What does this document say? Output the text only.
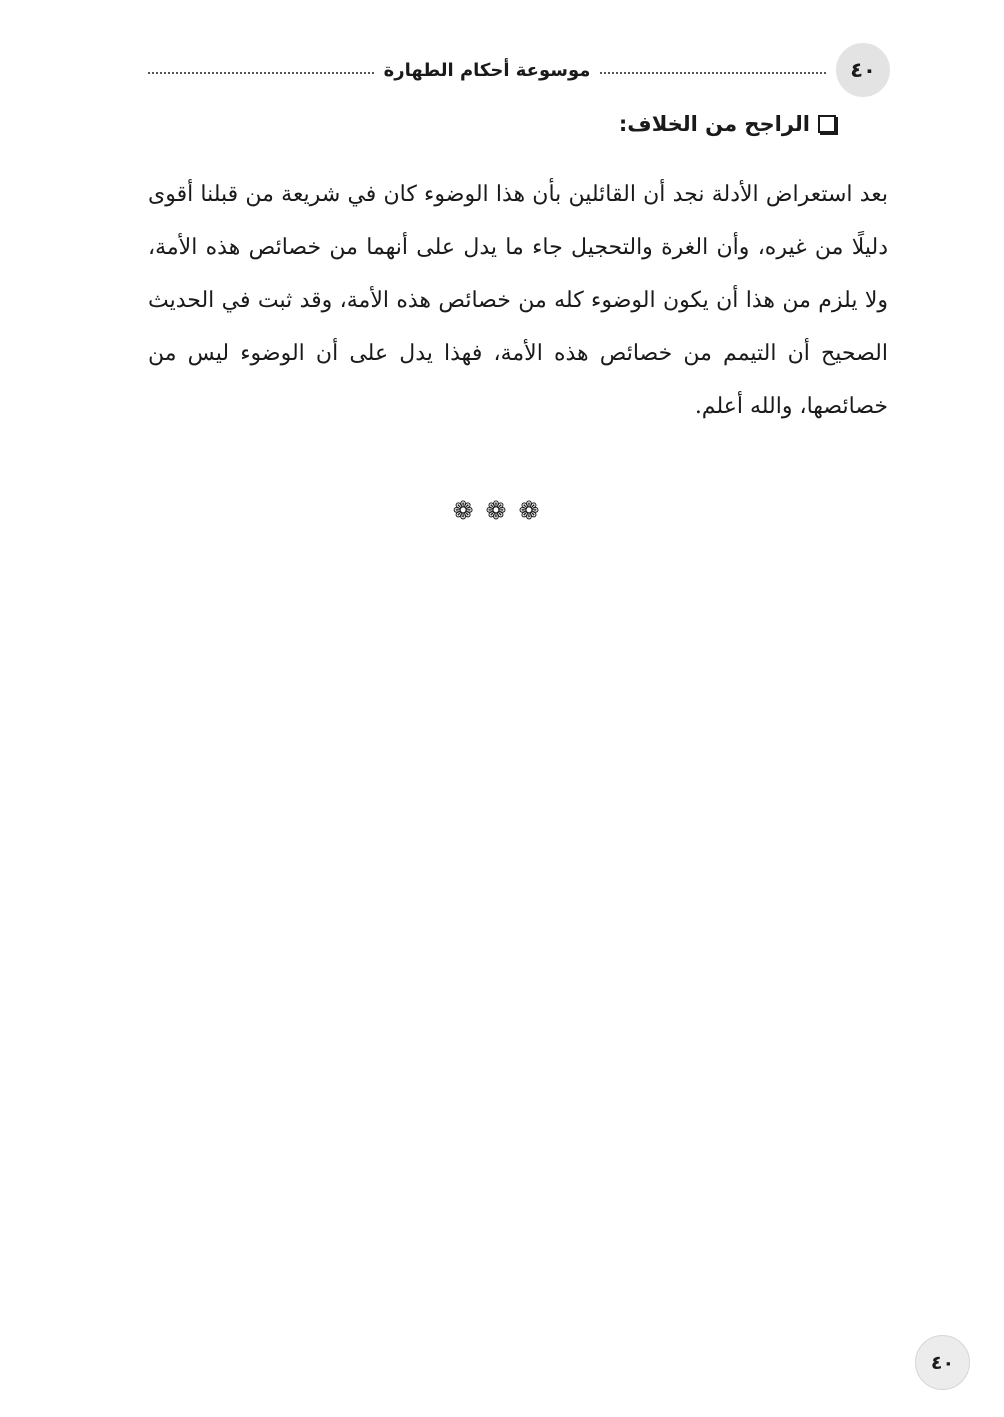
٤٠
موسوعة أحكام الطهارة
الراجح من الخلاف:
بعد استعراض الأدلة نجد أن القائلين بأن هذا الوضوء كان في شريعة من قبلنا أقوى دليلًا من غيره، وأن الغرة والتحجيل جاء ما يدل على أنهما من خصائص هذه الأمة، ولا يلزم من هذا أن يكون الوضوء كله من خصائص هذه الأمة، وقد ثبت في الحديث الصحيح أن التيمم من خصائص هذه الأمة، فهذا يدل على أن الوضوء ليس من خصائصها، والله أعلم.
❁❁❁
٤٠
